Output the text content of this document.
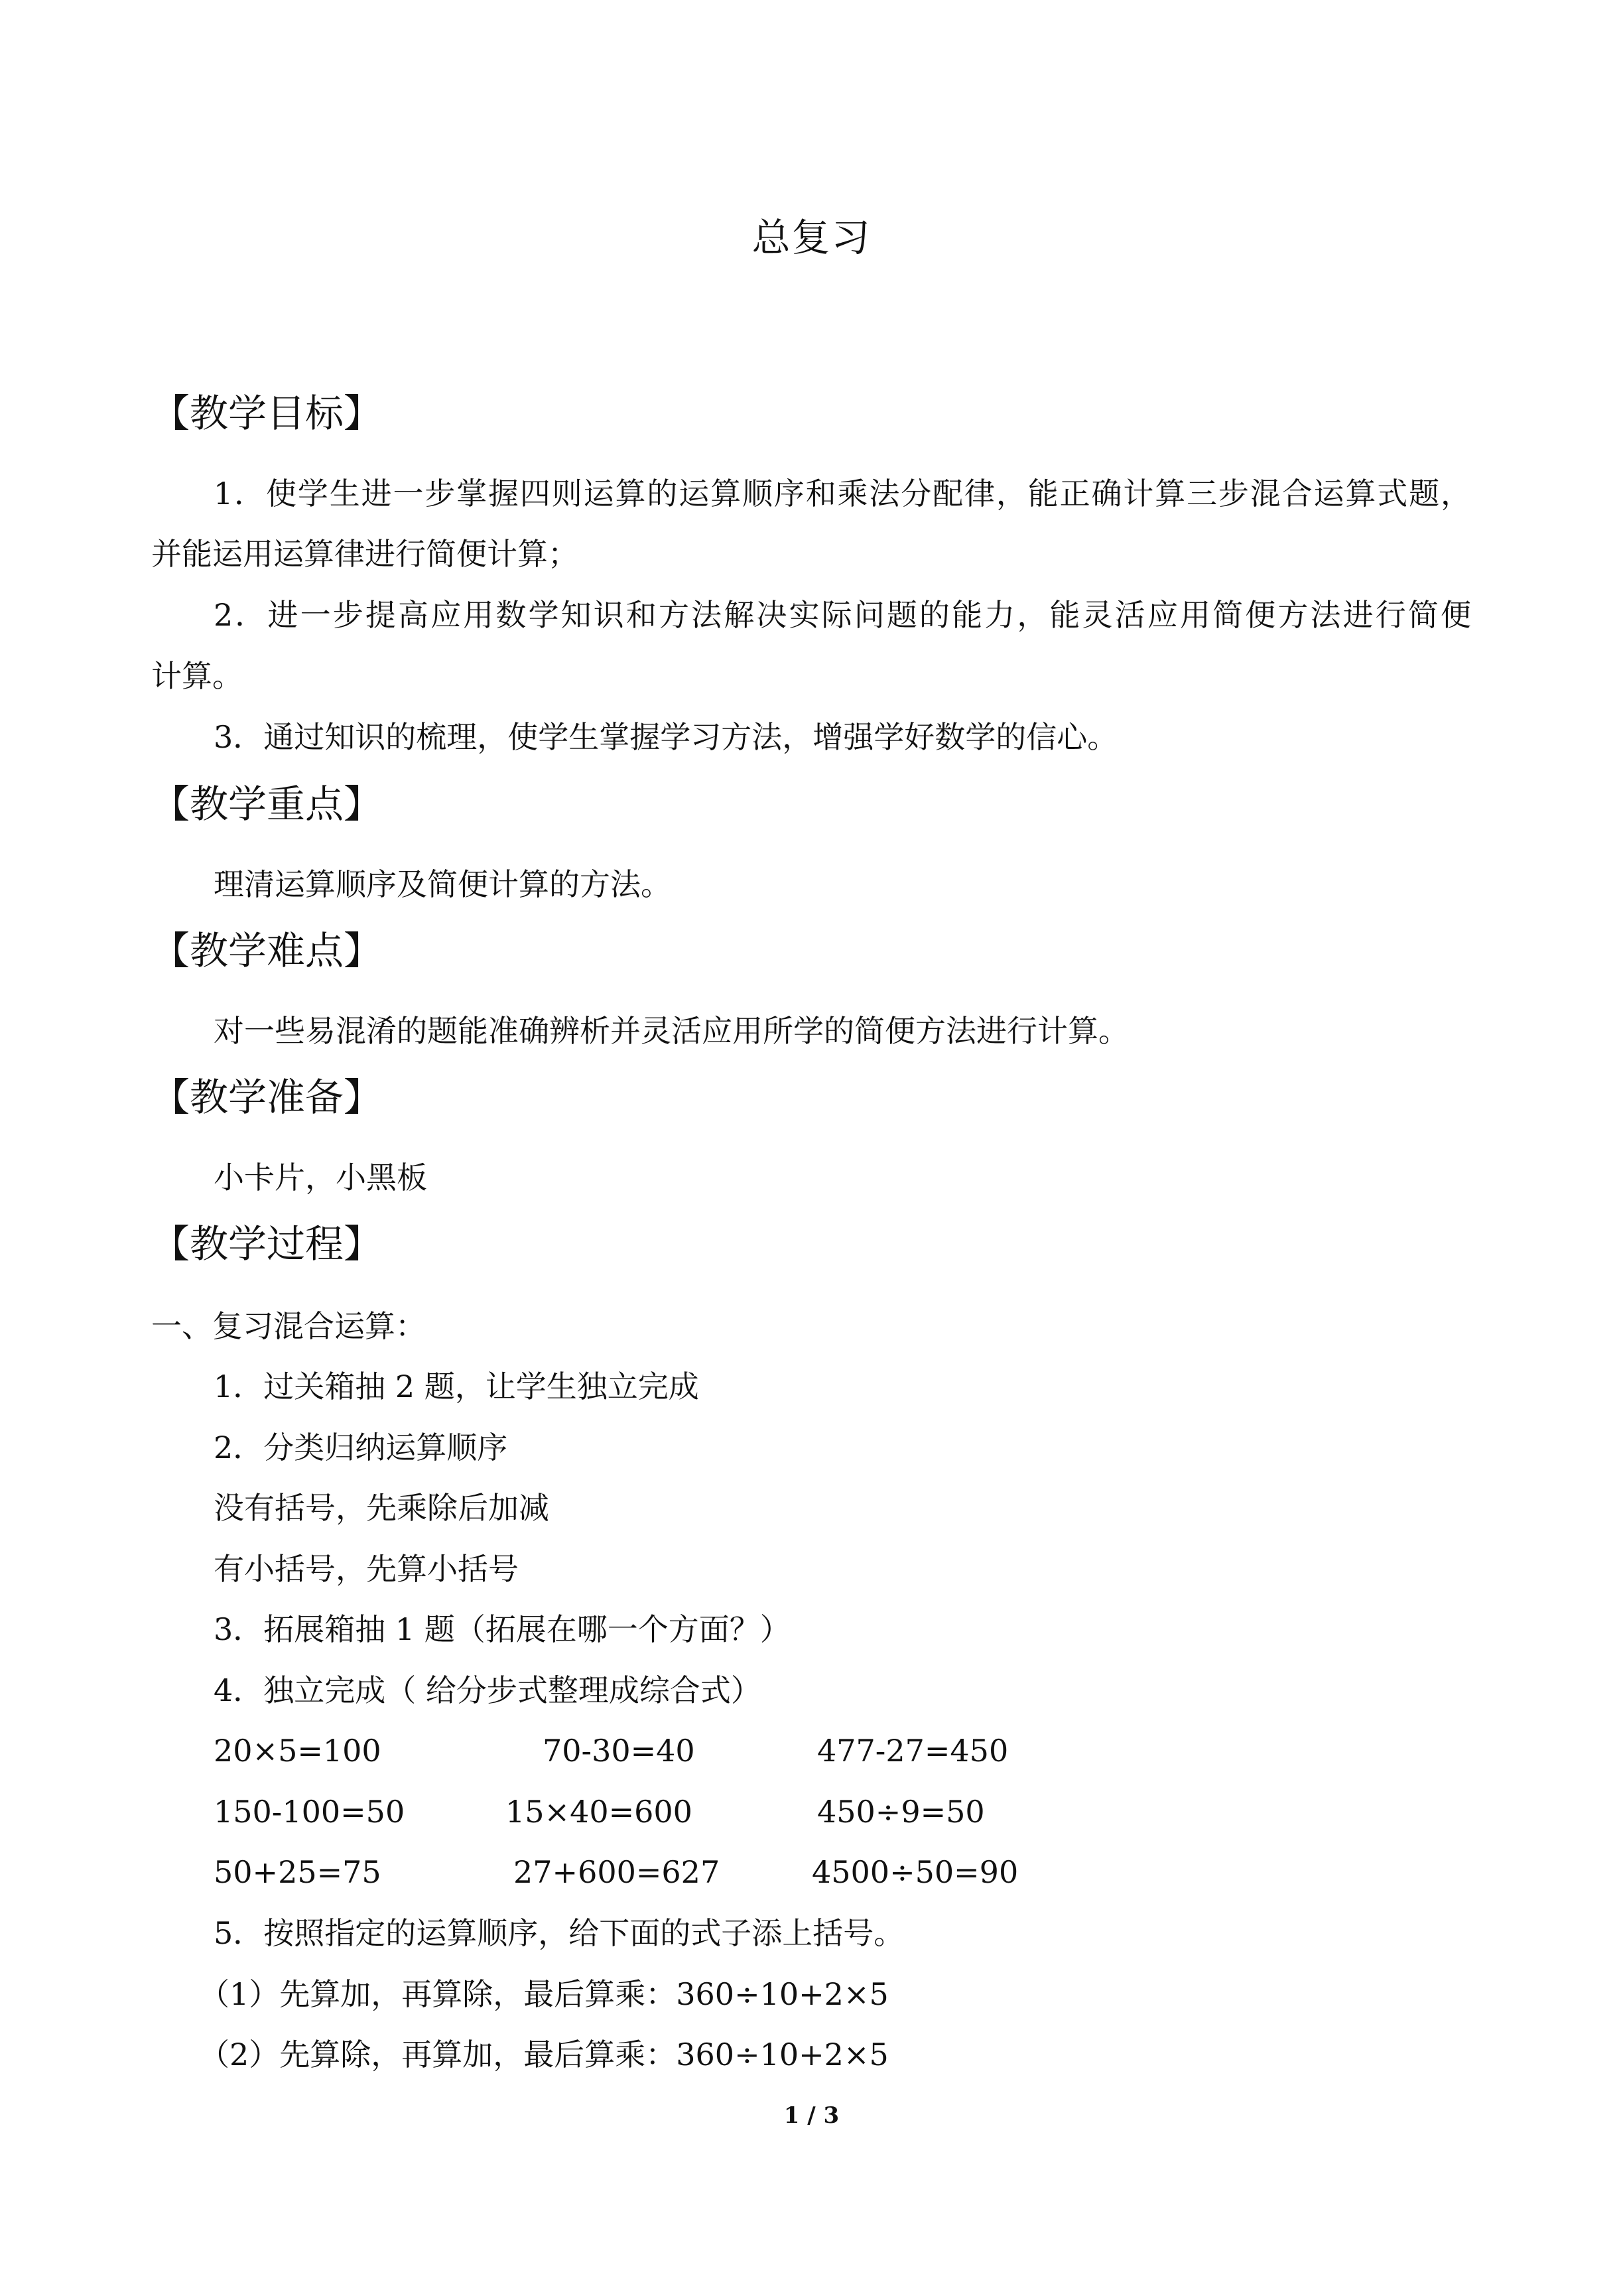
总复习
【教学目标】
1．使学生进一步掌握四则运算的运算顺序和乘法分配律，能正确计算三步混合运算式题，
并能运用运算律进行简便计算；
2．进一步提高应用数学知识和方法解决实际问题的能力，能灵活应用简便方法进行简便
计算。
3．通过知识的梳理，使学生掌握学习方法，增强学好数学的信心。
【教学重点】
理清运算顺序及简便计算的方法。
【教学难点】
对一些易混淆的题能准确辨析并灵活应用所学的简便方法进行计算。
【教学准备】
小卡片，小黑板
【教学过程】
一、复习混合运算：
1．过关箱抽 2 题，让学生独立完成
2．分类归纳运算顺序
没有括号，先乘除后加减
有小括号，先算小括号
3．拓展箱抽 1 题（拓展在哪一个方面？）
4．独立完成（ 给分步式整理成综合式）
20×5=100	70-30=40	477-27=450
150-100=50	15×40=600	450÷9=50
50+25=75	27+600=627	4500÷50=90
5．按照指定的运算顺序，给下面的式子添上括号。
（1）先算加，再算除，最后算乘：360÷10+2×5
（2）先算除，再算加，最后算乘：360÷10+2×5
1 / 3
